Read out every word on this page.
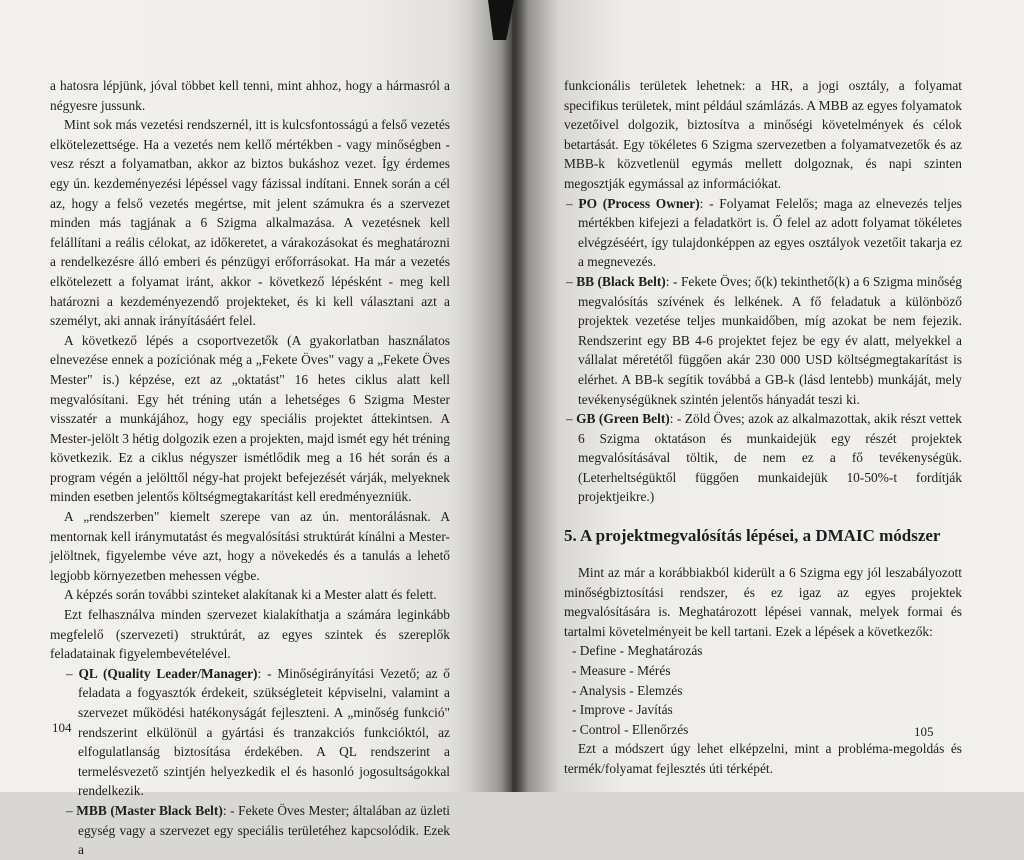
a hatosra lépjünk, jóval többet kell tenni, mint ahhoz, hogy a hármasról a négyesre jussunk.

Mint sok más vezetési rendszernél, itt is kulcsfontosságú a felső vezetés elkötelezettsége. Ha a vezetés nem kellő mértékben - vagy minőségben - vesz részt a folyamatban, akkor az biztos bukáshoz vezet. Így érdemes egy ún. kezdeményezési lépéssel vagy fázissal indítani. Ennek során a cél az, hogy a felső vezetés megértse, mit jelent számukra és a szervezet minden más tagjának a 6 Szigma alkalmazása. A vezetésnek kell felállítani a reális célokat, az időkeretet, a várakozásokat és meghatározni a rendelkezésre álló emberi és pénzügyi erőforrásokat. Ha már a vezetés elkötelezett a folyamat iránt, akkor - következő lépésként - meg kell határozni a kezdeményezendő projekteket, és ki kell választani azt a személyt, aki annak irányításáért felel.

A következő lépés a csoportvezetők (A gyakorlatban használatos elnevezése ennek a pozíciónak még a „Fekete Öves" vagy a „Fekete Öves Mester" is.) képzése, ezt az „oktatást" 16 hetes ciklus alatt kell megvalósítani. Egy hét tréning után a lehetséges 6 Szigma Mester visszatér a munkájához, hogy egy speciális projektet áttekintsen. A Mester-jelölt 3 hétig dolgozik ezen a projekten, majd ismét egy hét tréning következik. Ez a ciklus négyszer ismétlődik meg a 16 hét során és a program végén a jelölttől négy-hat projekt befejezését várják, melyeknek minden esetben jelentős költségmegtakarítást kell eredményezniük.

A „rendszerben" kiemelt szerepe van az ún. mentorálásnak. A mentornak kell iránymutatást és megvalósítási struktúrát kínálni a Mester-jelöltnek, figyelembe véve azt, hogy a növekedés és a tanulás a lehető legjobb környezetben mehessen végbe.

A képzés során további szinteket alakítanak ki a Mester alatt és felett.

Ezt felhasználva minden szervezet kialakíthatja a számára leginkább megfelelő (szervezeti) struktúrát, az egyes szintek és szereplők feladatainak figyelembevételével.

– QL (Quality Leader/Manager): - Minőségirányítási Vezető; az ő feladata a fogyasztók érdekeit, szükségleteit képviselni, valamint a szervezet működési hatékonyságát fejleszteni. A „minőség funkció" rendszerint elkülönül a gyártási és tranzakciós funkcióktól, az elfogulatlanság biztosítása érdekében. A QL rendszerint a termelésvezető szintjén helyezkedik el és hasonló jogosultságokkal rendelkezik.

– MBB (Master Black Belt): - Fekete Öves Mester; általában az üzleti egység vagy a szervezet egy speciális területéhez kapcsolódik. Ezek a

104

funkcionális területek lehetnek: a HR, a jogi osztály, a folyamat specifikus területek, mint például számlázás. A MBB az egyes folyamatok vezetőivel dolgozik, biztosítva a minőségi követelmények és célok betartását. Egy tökéletes 6 Szigma szervezetben a folyamatvezetők és az MBB-k közvetlenül egymás mellett dolgoznak, és napi szinten megosztják egymással az információkat.

– PO (Process Owner): - Folyamat Felelős; maga az elnevezés teljes mértékben kifejezi a feladatkört is. Ő felel az adott folyamat tökéletes elvégzéséért, így tulajdonképpen az egyes osztályok vezetőit takarja ez a megnevezés.

– BB (Black Belt): - Fekete Öves; ő(k) tekinthető(k) a 6 Szigma minőség megvalósítás szívének és lelkének. A fő feladatuk a különböző projektek vezetése teljes munkaidőben, míg azokat be nem fejezik. Rendszerint egy BB 4-6 projektet fejez be egy év alatt, melyekkel a vállalat méretétől függően akár 230 000 USD költségmegtakarítást is elérhet. A BB-k segítik továbbá a GB-k (lásd lentebb) munkáját, mely tevékenységüknek szintén jelentős hányadát teszi ki.

– GB (Green Belt): - Zöld Öves; azok az alkalmazottak, akik részt vettek 6 Szigma oktatáson és munkaidejük egy részét projektek megvalósításával töltik, de nem ez a fő tevékenységük. (Leterheltségüktől függően munkaidejük 10-50%-t fordítják projektjeikre.)

5. A projektmegvalósítás lépései, a DMAIC módszer

Mint az már a korábbiakból kiderült a 6 Szigma egy jól leszabályozott minőségbiztosítási rendszer, és ez igaz az egyes projektek megvalósítására is. Meghatározott lépései vannak, melyek formai és tartalmi követelményeit be kell tartani. Ezek a lépések a következők:

- Define - Meghatározás
- Measure - Mérés
- Analysis - Elemzés
- Improve - Javítás
- Control - Ellenőrzés

Ezt a módszert úgy lehet elképzelni, mint a probléma-megoldás és termék/folyamat fejlesztés úti térképét.

105
